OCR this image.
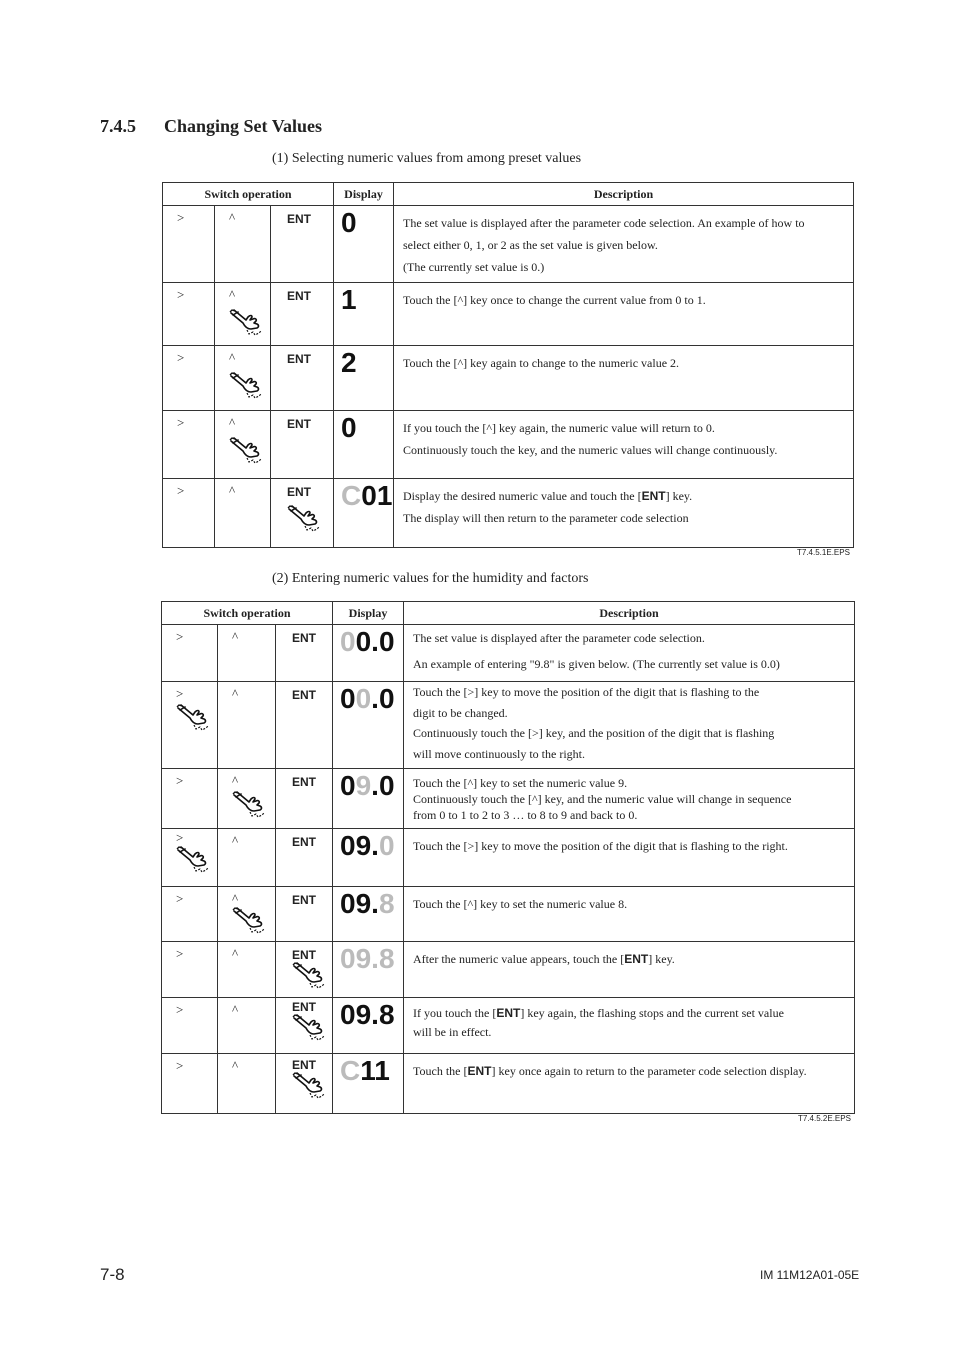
7.4.5 Changing Set Values
(1) Selecting numeric values from among preset values
Switch operation			Display	Description
>	^	ENT	0	The set value is displayed after the parameter code selection. An example of how to
select either 0, 1, or 2 as the set value is given below.
(The currently set value is 0.)

>	^	ENT	1	Touch the [^] key once to change the current value from 0 to 1.

>	^	ENT	2	Touch the [^] key again to change to the numeric value 2.

>	^	ENT	0	If you touch the [^] key again, the numeric value will return to 0.
Continuously touch the key, and the numeric values will change continuously.

>	^	ENT	C01	Display the desired numeric value and touch the [ENT] key.
The display will then return to the parameter code selection
T7.4.5.1E.EPS
(2) Entering numeric values for the humidity and factors
Switch operation			Display	Description
>	^	ENT	00.0	The set value is displayed after the parameter code selection.
An example of entering "9.8" is given below. (The currently set value is 0.0)

>	^	ENT	00.0	Touch the [>] key to move the position of the digit that is flashing to the
digit to be changed.
Continuously touch the [>] key, and the position of the digit that is flashing
will move continuously to the right.

>	^	ENT	09.0	Touch the [^] key to set the numeric value 9.
Continuously touch the [^] key, and the numeric value will change in sequence
from 0 to 1 to 2 to 3 … to 8 to 9 and back to 0.

>	^	ENT	09.0	Touch the [>] key to move the position of the digit that is flashing to the right.

>	^	ENT	09.8	Touch the [^] key to set the numeric value 8.

>	^	ENT	09.8	After the numeric value appears, touch the [ENT] key.

>	^	ENT	09.8	If you touch the [ENT] key again, the flashing stops and the current set value
will be in effect.

>	^	ENT	C11	Touch the [ENT] key once again to return to the parameter code selection display.
T7.4.5.2E.EPS
7-8	IM 11M12A01-05E
